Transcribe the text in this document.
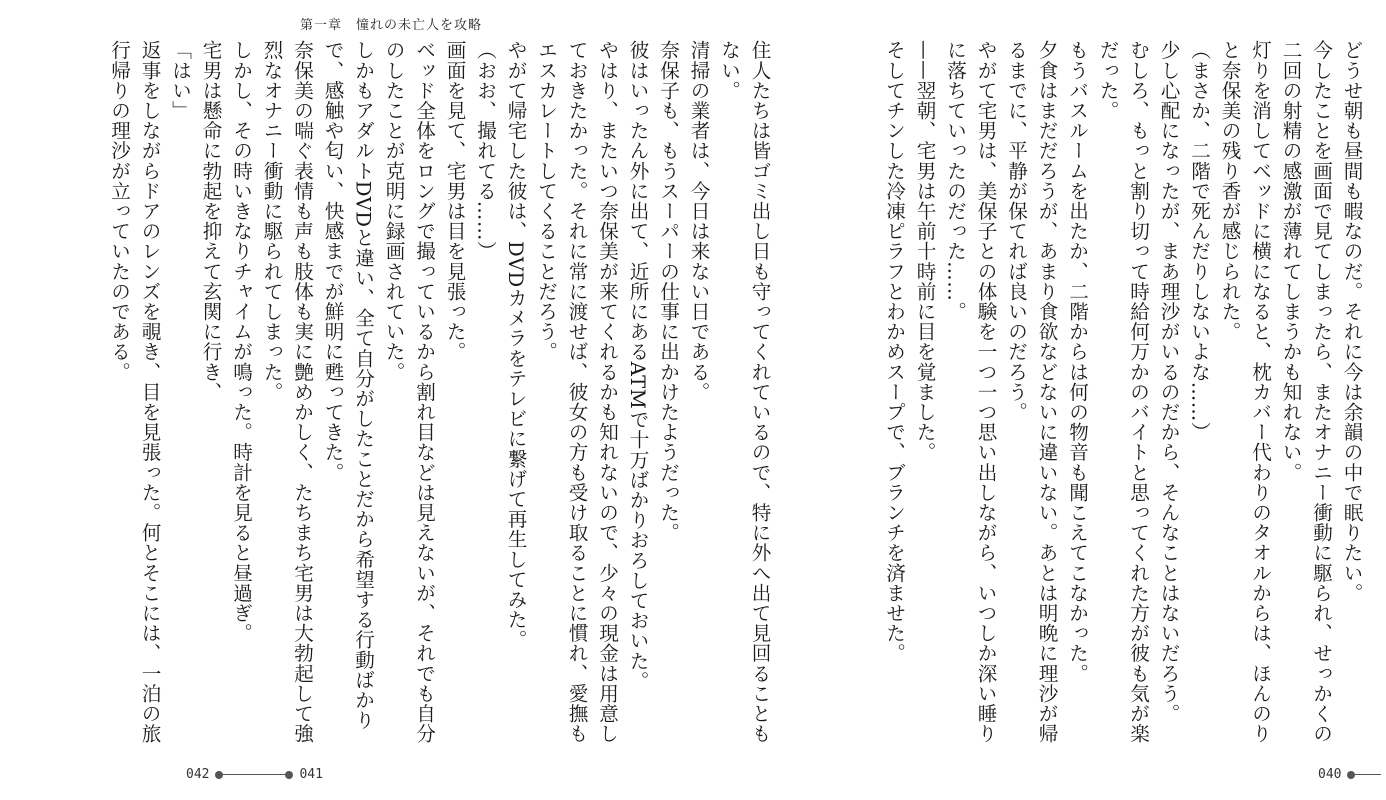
第一章 憧れの未亡人を攻略

どうせ朝も昼間も暇なのだ。それに今は余韻の中で眠りたい。

今したことを画面で見てしまったら、またオナニー衝動に駆られ、せっかくの二回の射精の感激が薄れてしまうかも知れない。

灯りを消してベッドに横になると、枕カバー代わりのタオルからは、ほんのりと奈保美の残り香が感じられた。

（まさか、二階で死んだりしないよな……）

少し心配になったが、まあ理沙がいるのだから、そんなことはないだろう。

むしろ、もっと割り切って時給何万かのバイトと思ってくれた方が彼も気が楽だった。

もうバスルームを出たか、二階からは何の物音も聞こえてこなかった。

夕食はまだだろうが、あまり食欲などないに違いない。あとは明晩に理沙が帰るまでに、平静が保てれば良いのだろう。

やがて宅男は、美保子との体験を一つ一つ思い出しながら、いつしか深い睡りに落ちていったのだった……。

——翌朝、宅男は午前十時前に目を覚ました。

そしてチンした冷凍ピラフとわかめスープで、ブランチを済ませた。

住人たちは皆ゴミ出し日も守ってくれているので、特に外へ出て見回ることもない。

清掃の業者は、今日は来ない日である。

奈保子も、もうスーパーの仕事に出かけたようだった。

彼はいったん外に出て、近所にあるATMで十万ばかりおろしておいた。

やはり、またいつ奈保美が来てくれるかも知れないので、少々の現金は用意しておきたかった。それに常に渡せば、彼女の方も受け取ることに慣れ、愛撫もエスカレートしてくることだろう。

やがて帰宅した彼は、DVDカメラをテレビに繋げて再生してみた。

（おお、撮れてる……）

画面を見て、宅男は目を見張った。

ベッド全体をロングで撮っているから割れ目などは見えないが、それでも自分のしたことが克明に録画されていた。

しかもアダルトDVDと違い、全て自分がしたことだから希望する行動ばかりで、感触や匂い、快感までが鮮明に甦ってきた。

奈保美の喘ぐ表情も声も肢体も実に艶めかしく、たちまち宅男は大勃起して強烈なオナニー衝動に駆られてしまった。

しかし、その時いきなりチャイムが鳴った。時計を見ると昼過ぎ。

宅男は懸命に勃起を抑えて玄関に行き、

「はい」

返事をしながらドアのレンズを覗き、目を見張った。何とそこには、一泊の旅行帰りの理沙が立っていたのである。

042	041	040
